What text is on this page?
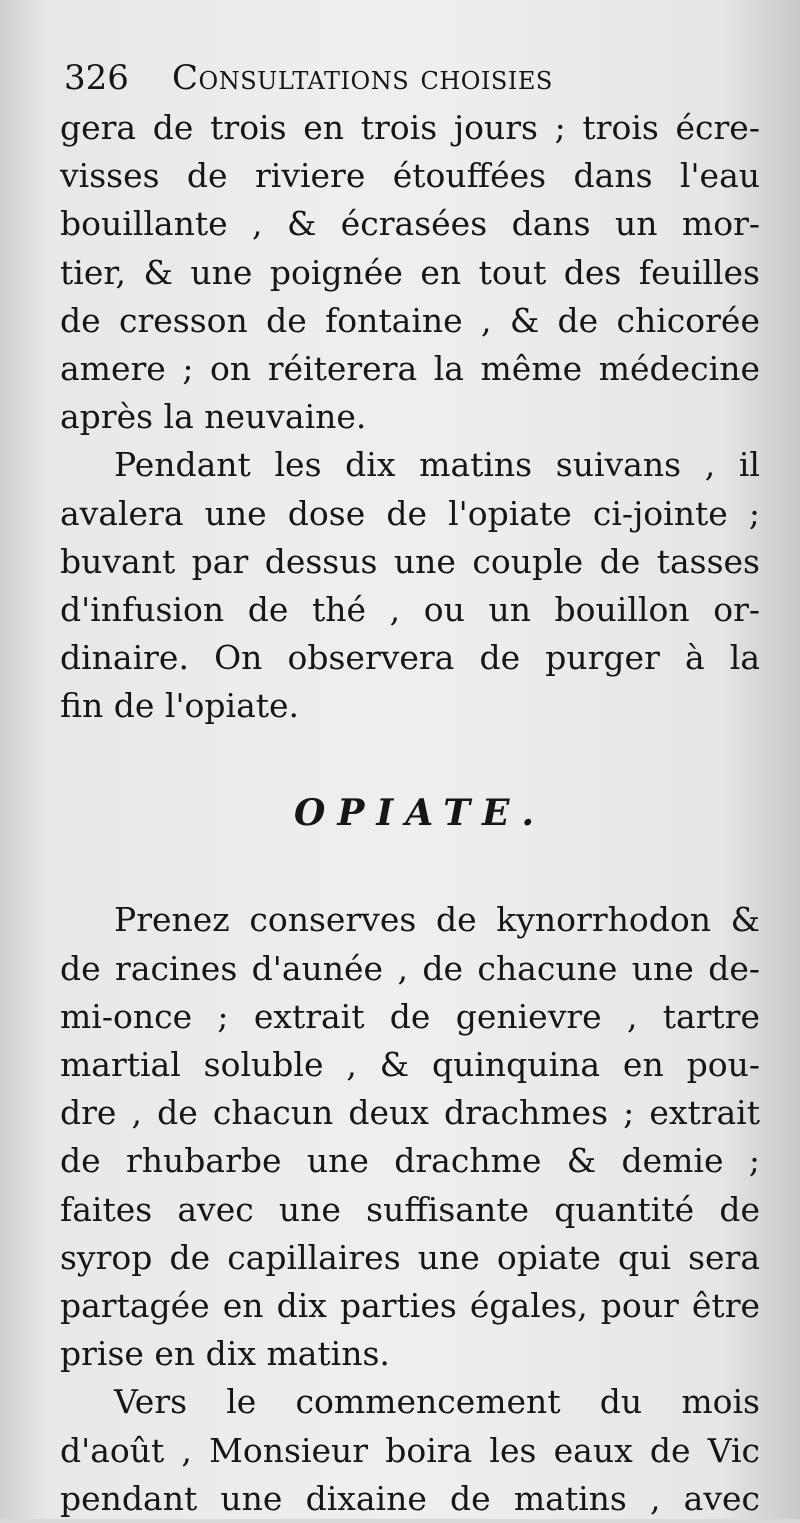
326 Consultations choisies
gera de trois en trois jours ; trois écre-
visses de riviere étouffées dans l'eau
bouillante , & écrasées dans un mor-
tier, & une poignée en tout des feuilles
de cresson de fontaine , & de chicorée
amere ; on réiterera la même médecine
après la neuvaine.
Pendant les dix matins suivans , il
avalera une dose de l'opiate ci-jointe ;
buvant par dessus une couple de tasses
d'infusion de thé , ou un bouillon or-
dinaire. On observera de purger à la
fin de l'opiate.
OPIATE.
Prenez conserves de kynorrhodon &
de racines d'aunée , de chacune une de-
mi-once ; extrait de genievre , tartre
martial soluble , & quinquina en pou-
dre , de chacun deux drachmes ; extrait
de rhubarbe une drachme & demie ;
faites avec une suffisante quantité de
syrop de capillaires une opiate qui sera
partagée en dix parties égales, pour être
prise en dix matins.
Vers le commencement du mois
d'août , Monsieur boira les eaux de Vic
pendant une dixaine de matins , avec
